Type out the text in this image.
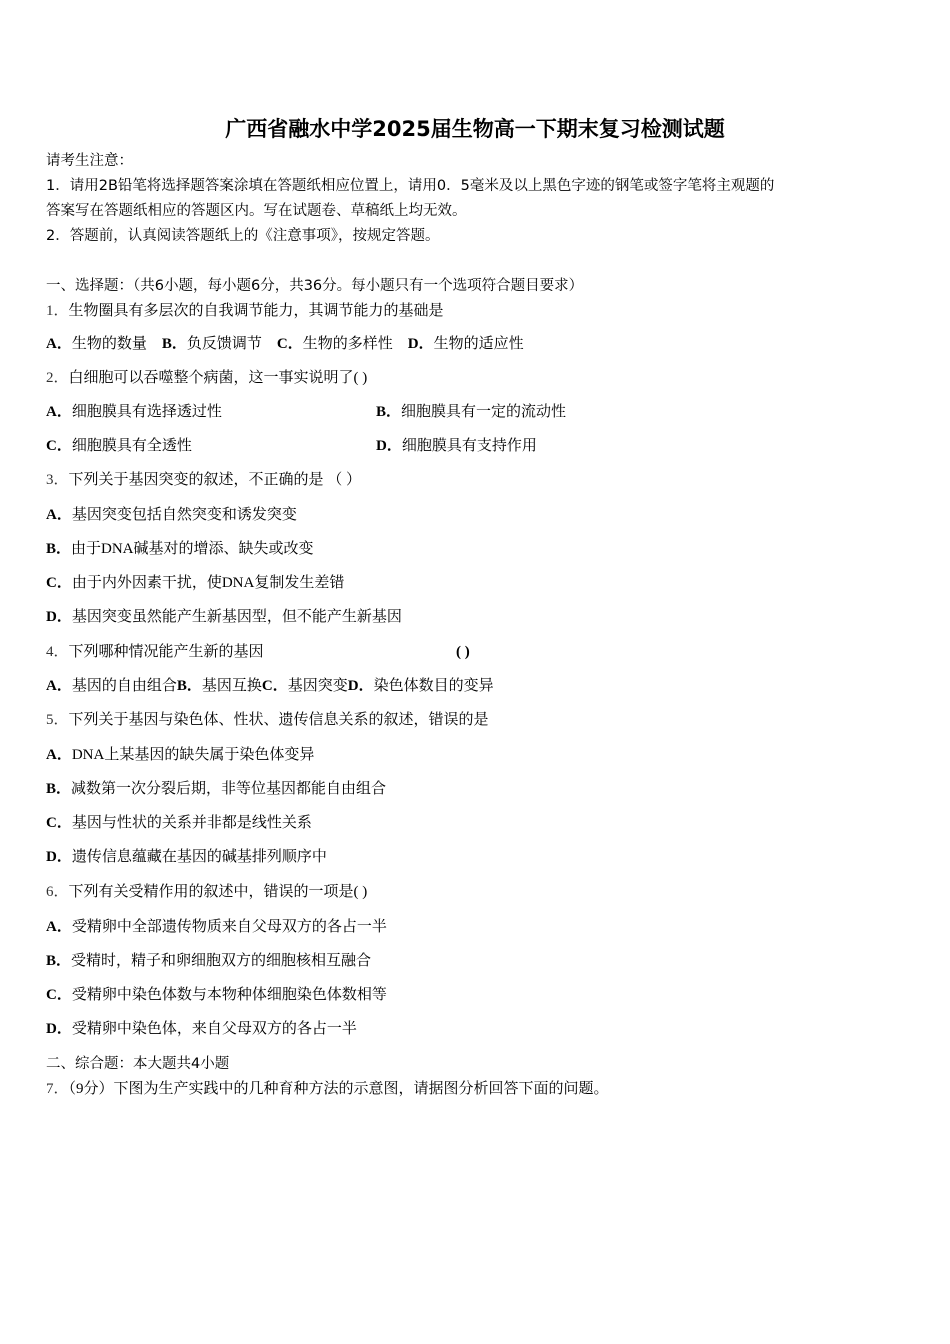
广西省融水中学2025届生物高一下期末复习检测试题
请考生注意：
1．请用2B铅笔将选择题答案涂填在答题纸相应位置上，请用0．5毫米及以上黑色字迹的钢笔或签字笔将主观题的
答案写在答题纸相应的答题区内。写在试题卷、草稿纸上均无效。
2．答题前，认真阅读答题纸上的《注意事项》，按规定答题。
一、选择题：（共6小题，每小题6分，共36分。每小题只有一个选项符合题目要求）
1．生物圈具有多层次的自我调节能力，其调节能力的基础是
A．生物的数量 B．负反馈调节 C．生物的多样性 D．生物的适应性
2．白细胞可以吞噬整个病菌，这一事实说明了( )
A．细胞膜具有选择透过性	B．细胞膜具有一定的流动性
C．细胞膜具有全透性	D．细胞膜具有支持作用
3．下列关于基因突变的叙述，不正确的是 （ ）
A．基因突变包括自然突变和诱发突变
B．由于DNA碱基对的增添、缺失或改变
C．由于内外因素干扰，使DNA复制发生差错
D．基因突变虽然能产生新基因型，但不能产生新基因
4．下列哪种情况能产生新的基因	( )
A．基因的自由组合B．基因互换C．基因突变D．染色体数目的变异
5．下列关于基因与染色体、性状、遗传信息关系的叙述，错误的是
A．DNA上某基因的缺失属于染色体变异
B．减数第一次分裂后期，非等位基因都能自由组合
C．基因与性状的关系并非都是线性关系
D．遗传信息蕴藏在基因的碱基排列顺序中
6．下列有关受精作用的叙述中，错误的一项是( )
A．受精卵中全部遗传物质来自父母双方的各占一半
B．受精时，精子和卵细胞双方的细胞核相互融合
C．受精卵中染色体数与本物种体细胞染色体数相等
D．受精卵中染色体，来自父母双方的各占一半
二、综合题：本大题共4小题
7．（9分）下图为生产实践中的几种育种方法的示意图，请据图分析回答下面的问题。
